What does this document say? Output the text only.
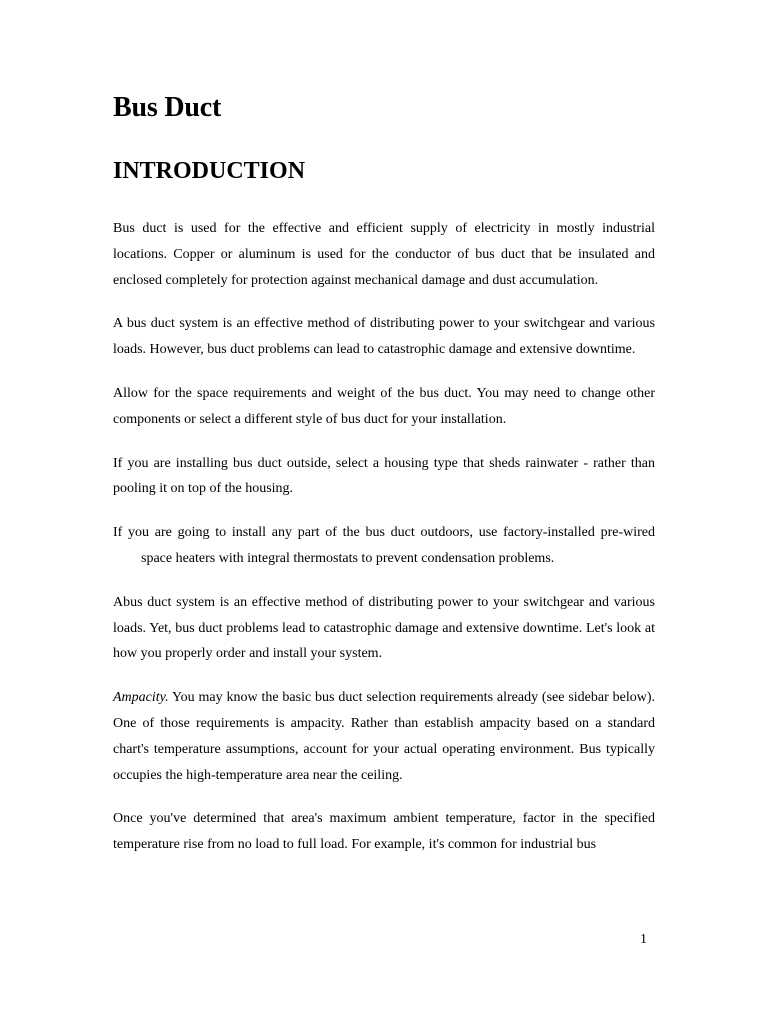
Bus Duct
INTRODUCTION

Bus duct is used for the effective and efficient supply of electricity in mostly industrial locations. Copper or aluminum is used for the conductor of bus duct that be insulated and enclosed completely for protection against mechanical damage and dust accumulation.

A bus duct system is an effective method of distributing power to your switchgear and various loads. However, bus duct problems can lead to catastrophic damage and extensive downtime.

Allow for the space requirements and weight of the bus duct. You may need to change other components or select a different style of bus duct for your installation.

If you are installing bus duct outside, select a housing type that sheds rainwater - rather than pooling it on top of the housing.

If you are going to install any part of the bus duct outdoors, use factory-installed pre-wired space heaters with integral thermostats to prevent condensation problems.

Abus duct system is an effective method of distributing power to your switchgear and various loads. Yet, bus duct problems lead to catastrophic damage and extensive downtime. Let's look at how you properly order and install your system.

Ampacity. You may know the basic bus duct selection requirements already (see sidebar below). One of those requirements is ampacity. Rather than establish ampacity based on a standard chart's temperature assumptions, account for your actual operating environment. Bus typically occupies the high-temperature area near the ceiling.

Once you've determined that area's maximum ambient temperature, factor in the specified temperature rise from no load to full load. For example, it's common for industrial bus

1
